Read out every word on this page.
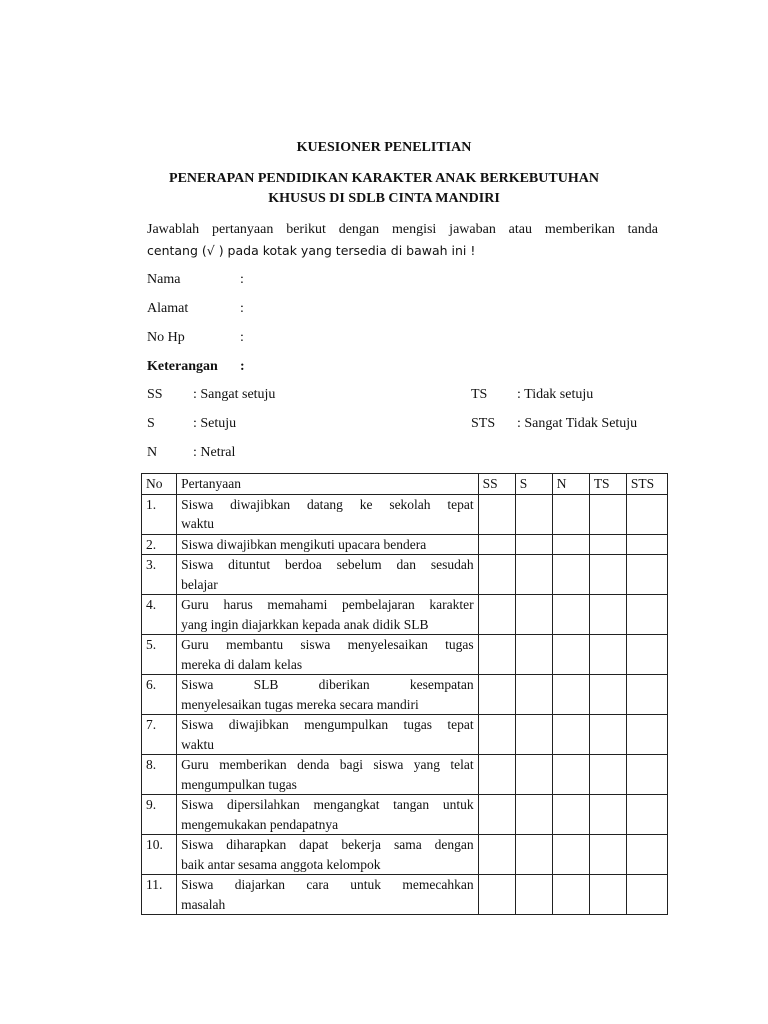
KUESIONER PENELITIAN
PENERAPAN PENDIDIKAN KARAKTER ANAK BERKEBUTUHAN
KHUSUS DI SDLB CINTA MANDIRI
Jawablah pertanyaan berikut dengan mengisi jawaban atau memberikan tanda
centang (√ ) pada kotak yang tersedia di bawah ini !
Nama	:
Alamat	:
No Hp	:
Keterangan :
SS : Sangat setuju
S	: Setuju
N	: Netral
TS : Tidak setuju
STS : Sangat Tidak Setuju
No	Pertanyaan	SS	S	N	TS	STS
1.	Siswa diwajibkan datang ke sekolah tepat
waktu					

2.	Siswa diwajibkan mengikuti upacara bendera					

3.	Siswa dituntut berdoa sebelum dan sesudah
belajar					

4.	Guru harus memahami pembelajaran karakter
yang ingin diajarkkan kepada anak didik SLB					

5.	Guru membantu siswa menyelesaikan tugas
mereka di dalam kelas					

6.	Siswa SLB diberikan kesempatan
menyelesaikan tugas mereka secara mandiri					

7.	Siswa diwajibkan mengumpulkan tugas tepat
waktu					

8.	Guru memberikan denda bagi siswa yang telat
mengumpulkan tugas					

9.	Siswa dipersilahkan mengangkat tangan untuk
mengemukakan pendapatnya					

10.	Siswa diharapkan dapat bekerja sama dengan
baik antar sesama anggota kelompok					

11.	Siswa diajarkan cara untuk memecahkan
masalah					
